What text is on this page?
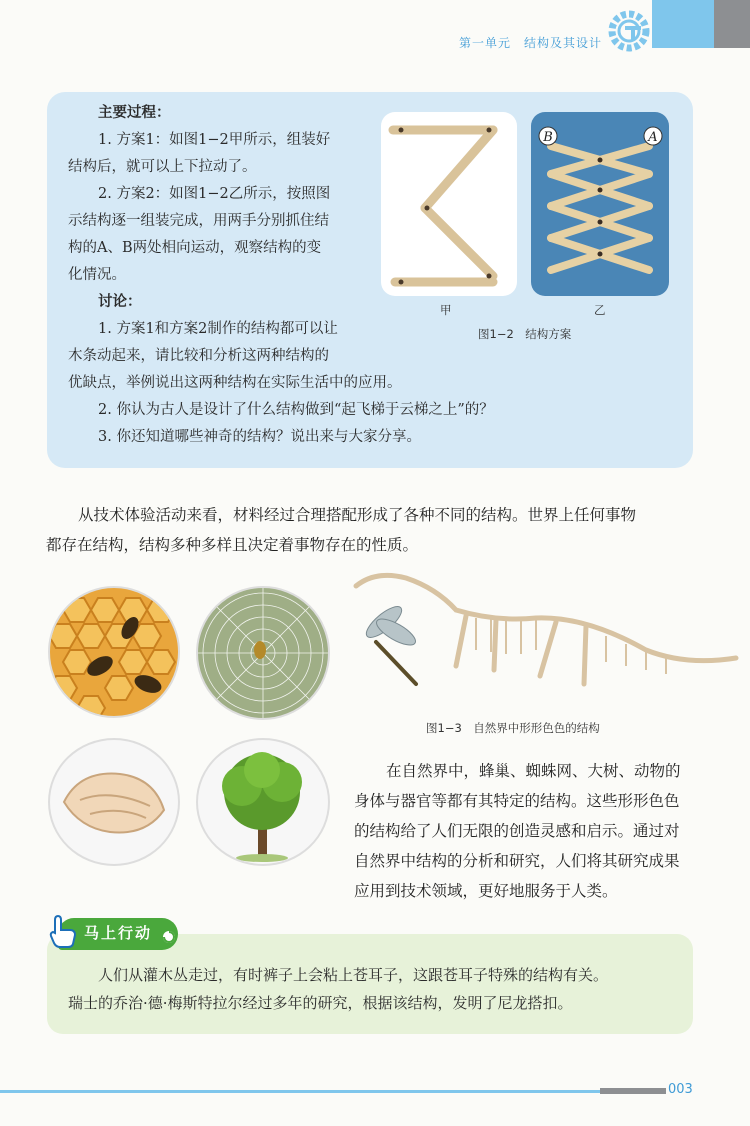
第一单元　结构及其设计
主要过程：
1. 方案1：如图1−2甲所示，组装好
结构后，就可以上下拉动了。
2. 方案2：如图1−2乙所示，按照图
示结构逐一组装完成，用两手分别抓住结
构的A、B两处相向运动，观察结构的变
化情况。
讨论：
1. 方案1和方案2制作的结构都可以让
木条动起来，请比较和分析这两种结构的
优缺点，举例说出这两种结构在实际生活中的应用。
2. 你认为古人是设计了什么结构做到“起飞梯于云梯之上”的？
3. 你还知道哪些神奇的结构？说出来与大家分享。
甲
B	A
乙
图1−2　结构方案
从技术体验活动来看，材料经过合理搭配形成了各种不同的结构。世界上任何事物
都存在结构，结构多种多样且决定着事物存在的性质。
图1−3　自然界中形形色色的结构
在自然界中，蜂巢、蜘蛛网、大树、动物的
身体与器官等都有其特定的结构。这些形形色色
的结构给了人们无限的创造灵感和启示。通过对
自然界中结构的分析和研究，人们将其研究成果
应用到技术领域，更好地服务于人类。
马上行动
人们从灌木丛走过，有时裤子上会粘上苍耳子，这跟苍耳子特殊的结构有关。
瑞士的乔治·德·梅斯特拉尔经过多年的研究，根据该结构，发明了尼龙搭扣。
003
